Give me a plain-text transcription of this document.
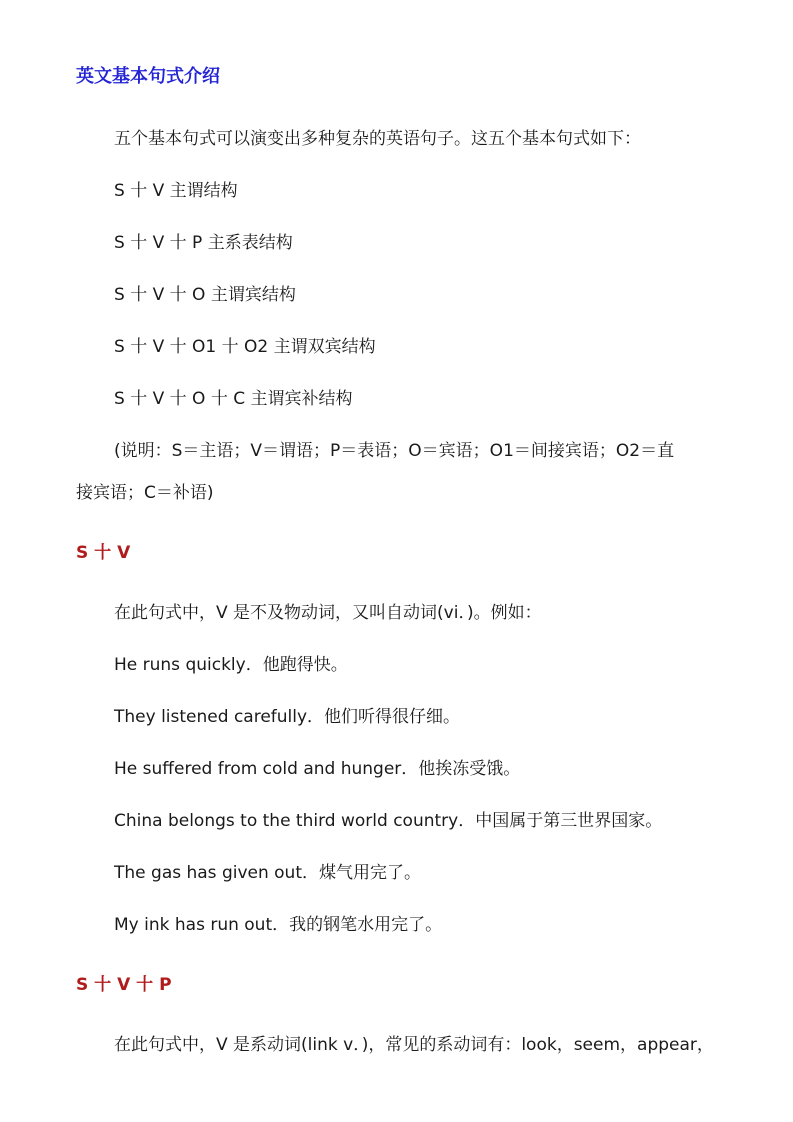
英文基本句式介绍
五个基本句式可以演变出多种复杂的英语句子。这五个基本句式如下：
S 十 V 主谓结构
S 十 V 十 P 主系表结构
S 十 V 十 O 主谓宾结构
S 十 V 十 O1 十 O2 主谓双宾结构
S 十 V 十 O 十 C 主谓宾补结构
(说明：S＝主语；V＝谓语；P＝表语；O＝宾语；O1＝间接宾语；O2＝直
接宾语；C＝补语)
S 十 V
在此句式中，V 是不及物动词，又叫自动词(vi．)。例如：
He runs quickly．他跑得快。
They listened carefully．他们听得很仔细。
He suffered from cold and hunger．他挨冻受饿。
China belongs to the third world country．中国属于第三世界国家。
The gas has given out．煤气用完了。
My ink has run out．我的钢笔水用完了。
S 十 V 十 P
在此句式中，V 是系动词(link v．)，常见的系动词有：look，seem，appear，
